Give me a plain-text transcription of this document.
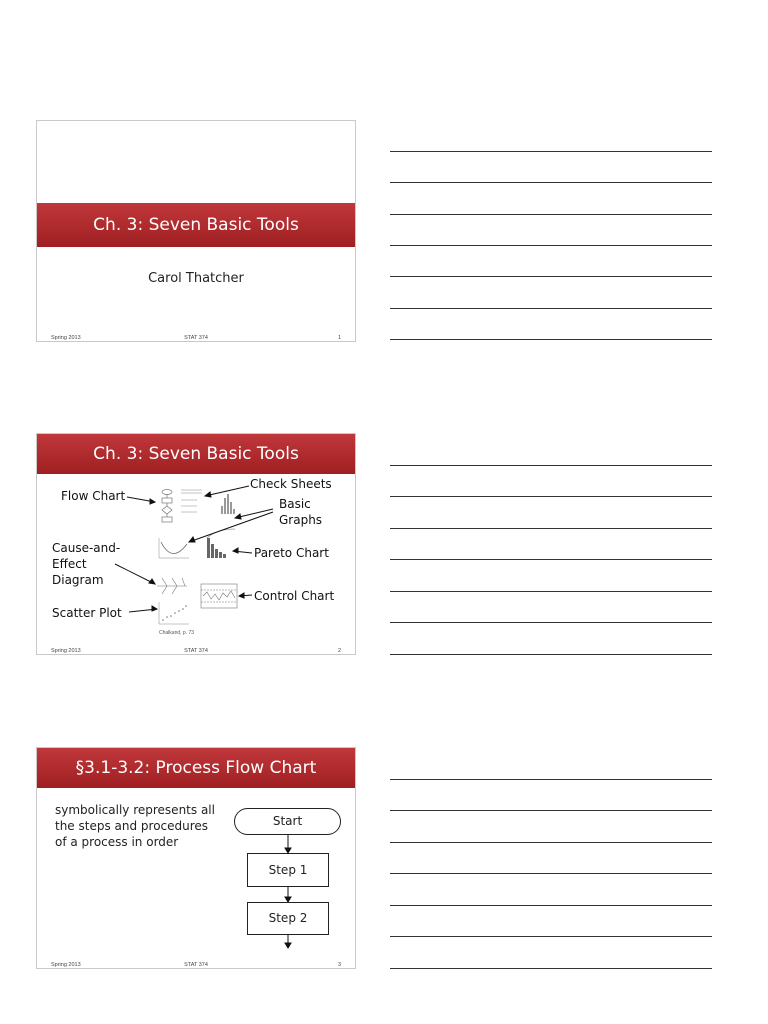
Ch. 3: Seven Basic Tools
Carol Thatcher
Spring 2013	STAT 374	1
Ch. 3: Seven Basic Tools
Flow Chart
Check Sheets
Basic
Graphs
Cause-and-
Effect
Diagram
Pareto Chart
Control Chart
Scatter Plot
Chalkand, p. 73
Spring 2013	STAT 374	2
§3.1-3.2: Process Flow Chart
symbolically represents all
the steps and procedures
of a process in order
Start
Step 1
Step 2
Spring 2013	STAT 374	3
